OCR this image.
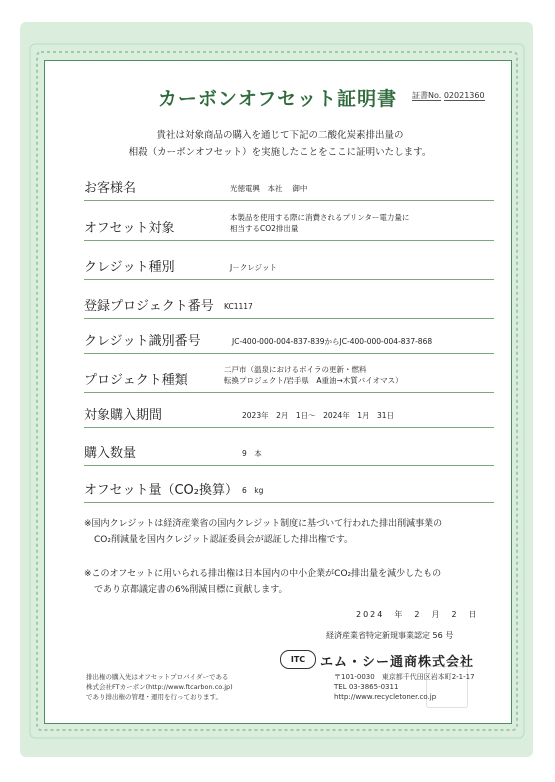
カーボンオフセット証明書	証書No. 02021360
貴社は対象商品の購入を通じて下記の二酸化炭素排出量の
相殺（カーボンオフセット）を実施したことをここに証明いたします。
お客様名	光徳電興　本社　 御中
オフセット対象
本製品を使用する際に消費されるプリンター電力量に
相当するCO2排出量
クレジット種別	J－クレジット
登録プロジェクト番号 KC1117
クレジット識別番号	JC-400-000-004-837-839からJC-400-000-004-837-868
プロジェクト種類
二戸市（温泉におけるボイラの更新・燃料
転換プロジェクト/岩手県　A重油→木質バイオマス）
対象購入期間	2023年　2月　1日～　2024年　1月　31日
購入数量	9　本
オフセット量（CO₂換算） 6　kg
※国内クレジットは経済産業省の国内クレジット制度に基づいて行われた排出削減事業の
CO₂削減量を国内クレジット認証委員会が認証した排出権です。
※このオフセットに用いられる排出権は日本国内の中小企業がCO₂排出量を減少したもの
であり京都議定書の6%削減目標に貢献します。
2024　年　2　月　2　日
経済産業省特定新規事業認定 56 号
ITC	エム・シー通商株式会社
〒101-0030　東京都千代田区岩本町2-1-17
TEL 03-3865-0311
http://www.recycletoner.co.jp
排出権の購入先はオフセットプロバイダーである
株式会社FTカーボン(http://www.ftcarbon.co.jp)
であり排出権の管理・運用を行っております。
